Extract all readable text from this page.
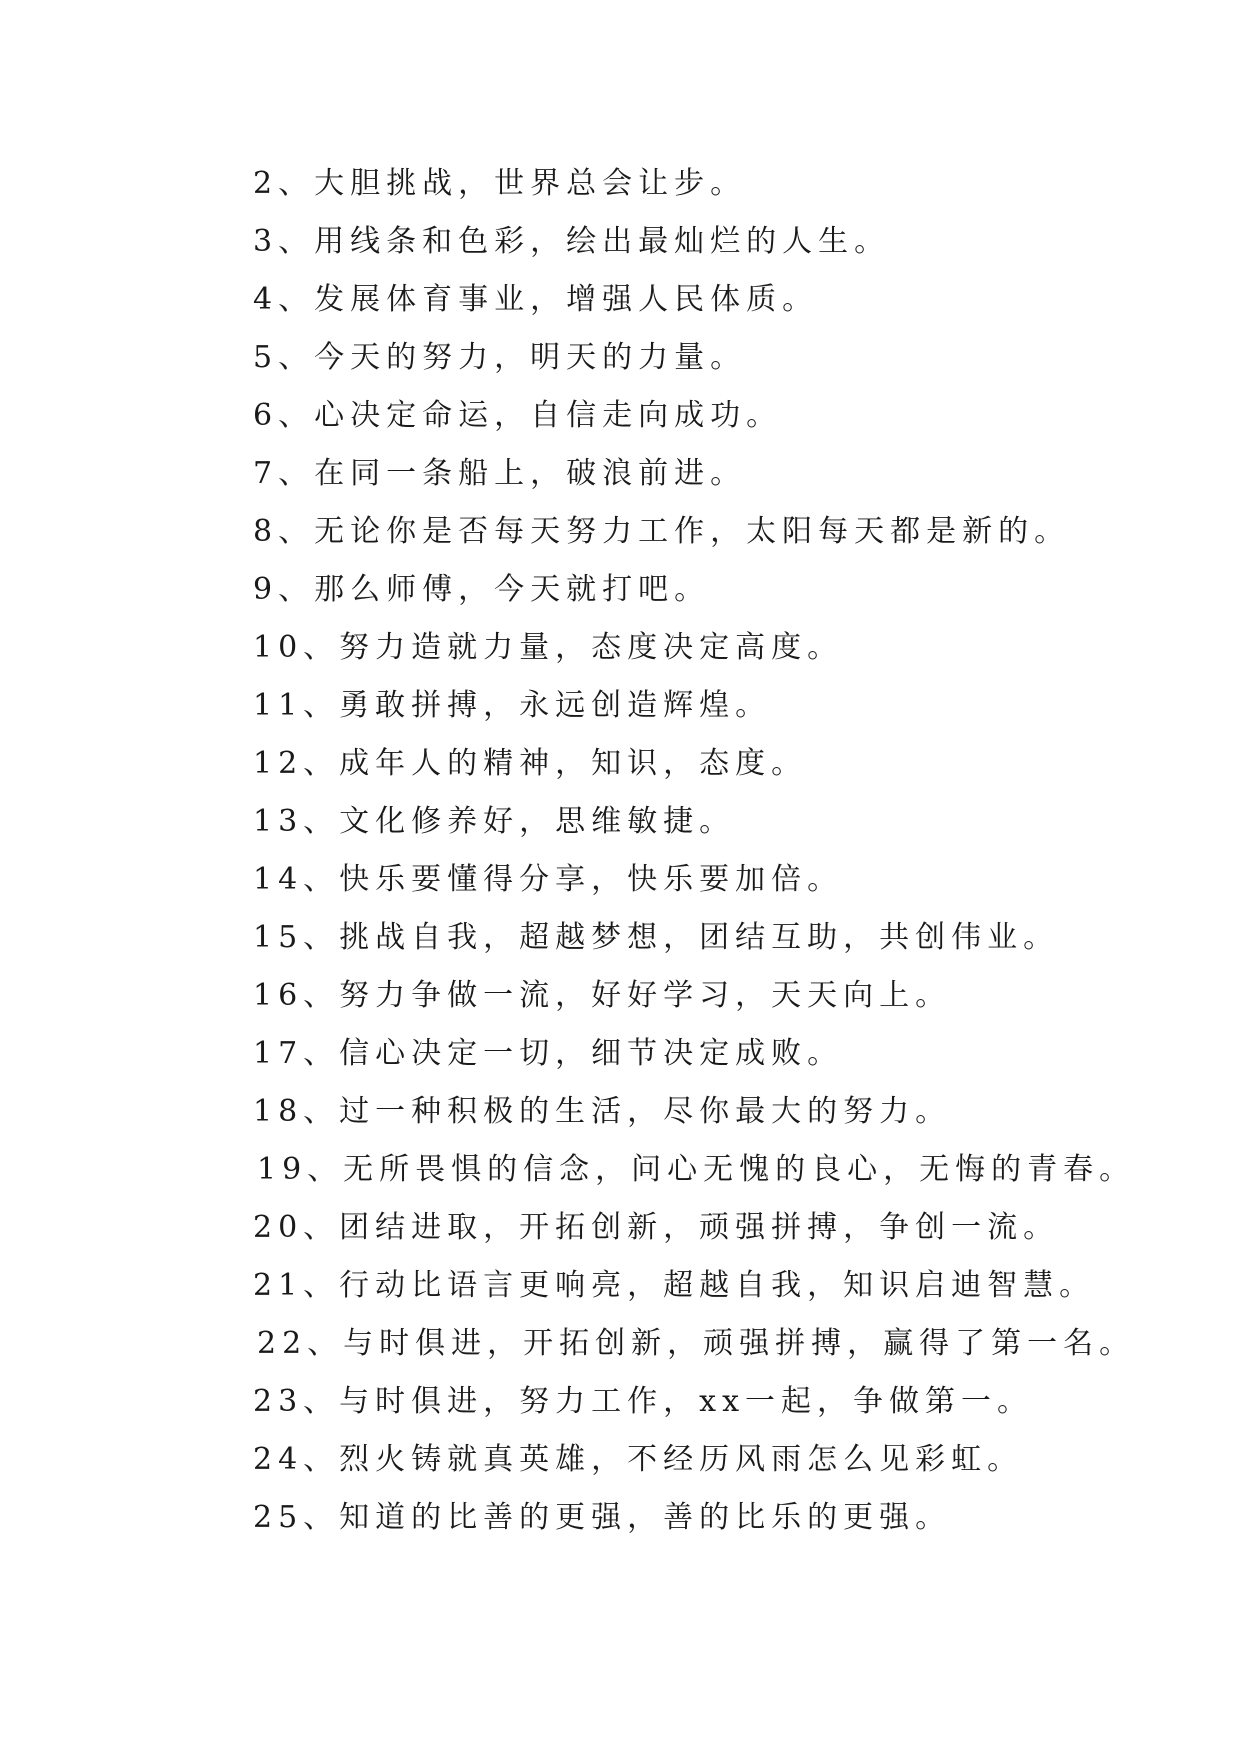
2、大胆挑战，世界总会让步。
3、用线条和色彩，绘出最灿烂的人生。
4、发展体育事业，增强人民体质。
5、今天的努力，明天的力量。
6、心决定命运，自信走向成功。
7、在同一条船上，破浪前进。
8、无论你是否每天努力工作，太阳每天都是新的。
9、那么师傅，今天就打吧。
10、努力造就力量，态度决定高度。
11、勇敢拼搏，永远创造辉煌。
12、成年人的精神，知识，态度。
13、文化修养好，思维敏捷。
14、快乐要懂得分享，快乐要加倍。
15、挑战自我，超越梦想，团结互助，共创伟业。
16、努力争做一流，好好学习，天天向上。
17、信心决定一切，细节决定成败。
18、过一种积极的生活，尽你最大的努力。
19、无所畏惧的信念，问心无愧的良心，无悔的青春。
20、团结进取，开拓创新，顽强拼搏，争创一流。
21、行动比语言更响亮，超越自我，知识启迪智慧。
22、与时俱进，开拓创新，顽强拼搏，赢得了第一名。
23、与时俱进，努力工作，xx一起，争做第一。
24、烈火铸就真英雄，不经历风雨怎么见彩虹。
25、知道的比善的更强，善的比乐的更强。
